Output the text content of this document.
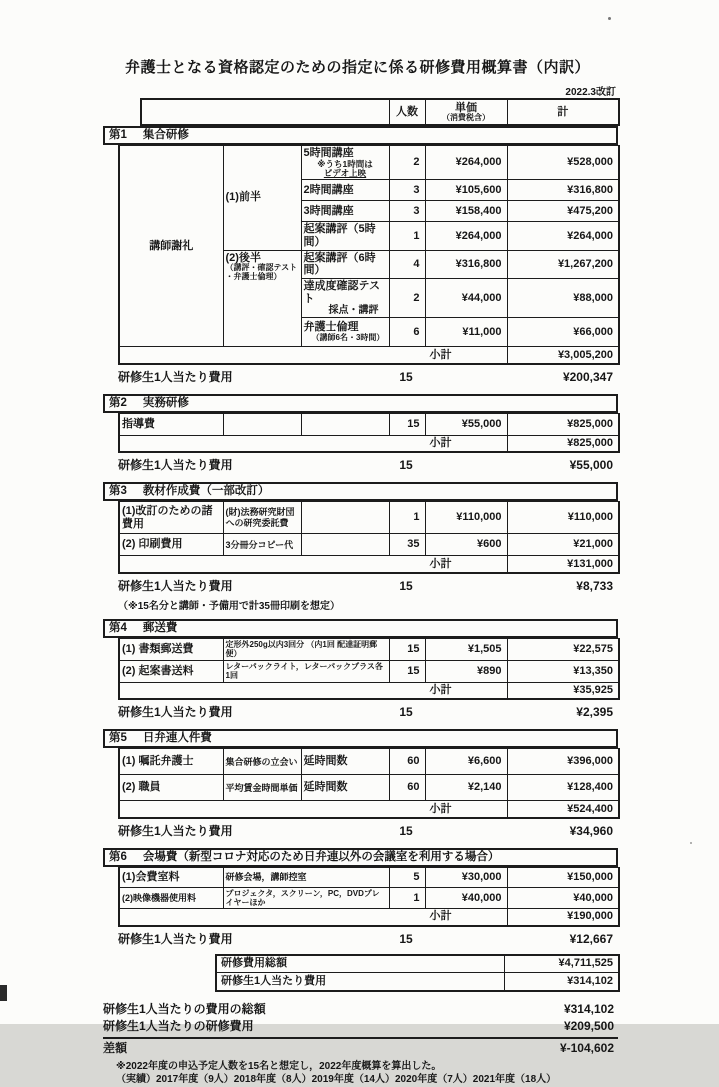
弁護士となる資格認定のための指定に係る研修費用概算書（内訳）
2022.3改訂
	人数	単価
（消費税含）
	計
第1 集合研修
講師謝礼	(1)前半	5時間講座
※うち1時間は
ビデオ上映	2	¥264,000	¥528,000
		2時間講座	3	¥105,600	¥316,800
		3時間講座	3	¥158,400	¥475,200
		起案講評（5時間）	1	¥264,000	¥264,000
	(2)後半
（講評・確認テスト
・弁護士倫理）	起案講評（6時間）	4	¥316,800	¥1,267,200
		達成度確認テスト
採点・講評	2	¥44,000	¥88,000
		弁護士倫理
（講師6名・3時間）	6	¥11,000	¥66,000
小計					¥3,005,200
研修生1人当たり費用	15	¥200,347
第2 実務研修
指導費			15	¥55,000	¥825,000
小計					¥825,000
研修生1人当たり費用	15	¥55,000
第3 教材作成費（一部改訂）
(1)改訂のための諸費用	(財)法務研究財団への研究委託費		1	¥110,000	¥110,000
(2) 印刷費用	3分冊分コピー代		35	¥600	¥21,000
小計					¥131,000
研修生1人当たり費用	15	¥8,733
（※15名分と講師・予備用で計35冊印刷を想定）
第4 郵送費
(1) 書類郵送費	定形外250g以内3回分 （内1回 配達証明郵便）	15	¥1,505	¥22,575
(2) 起案書送料	レターパックライト，レターパックプラス各1回	15	¥890	¥13,350
小計				¥35,925
研修生1人当たり費用	15	¥2,395
第5 日弁連人件費
(1) 嘱託弁護士	集合研修の立会い	延時間数	60	¥6,600	¥396,000
(2) 職員	平均賃金時間単価	延時間数	60	¥2,140	¥128,400
小計					¥524,400
研修生1人当たり費用	15	¥34,960
第6 会場費（新型コロナ対応のため日弁連以外の会議室を利用する場合）
(1)会費室料	研修会場，講師控室	5	¥30,000	¥150,000
(2)映像機器使用料	プロジェクタ，スクリーン，PC，DVDプレイヤーほか	1	¥40,000	¥40,000
小計				¥190,000
研修生1人当たり費用	15	¥12,667
研修費用総額	¥4,711,525
研修生1人当たり費用	¥314,102
研修生1人当たりの費用の総額	¥314,102
研修生1人当たりの研修費用	¥209,500
差額	¥-104,602
※2022年度の申込予定人数を15名と想定し，2022年度概算を算出した。
（実績）2017年度（9人）2018年度（8人）2019年度（14人）2020年度（7人）2021年度（18人）
